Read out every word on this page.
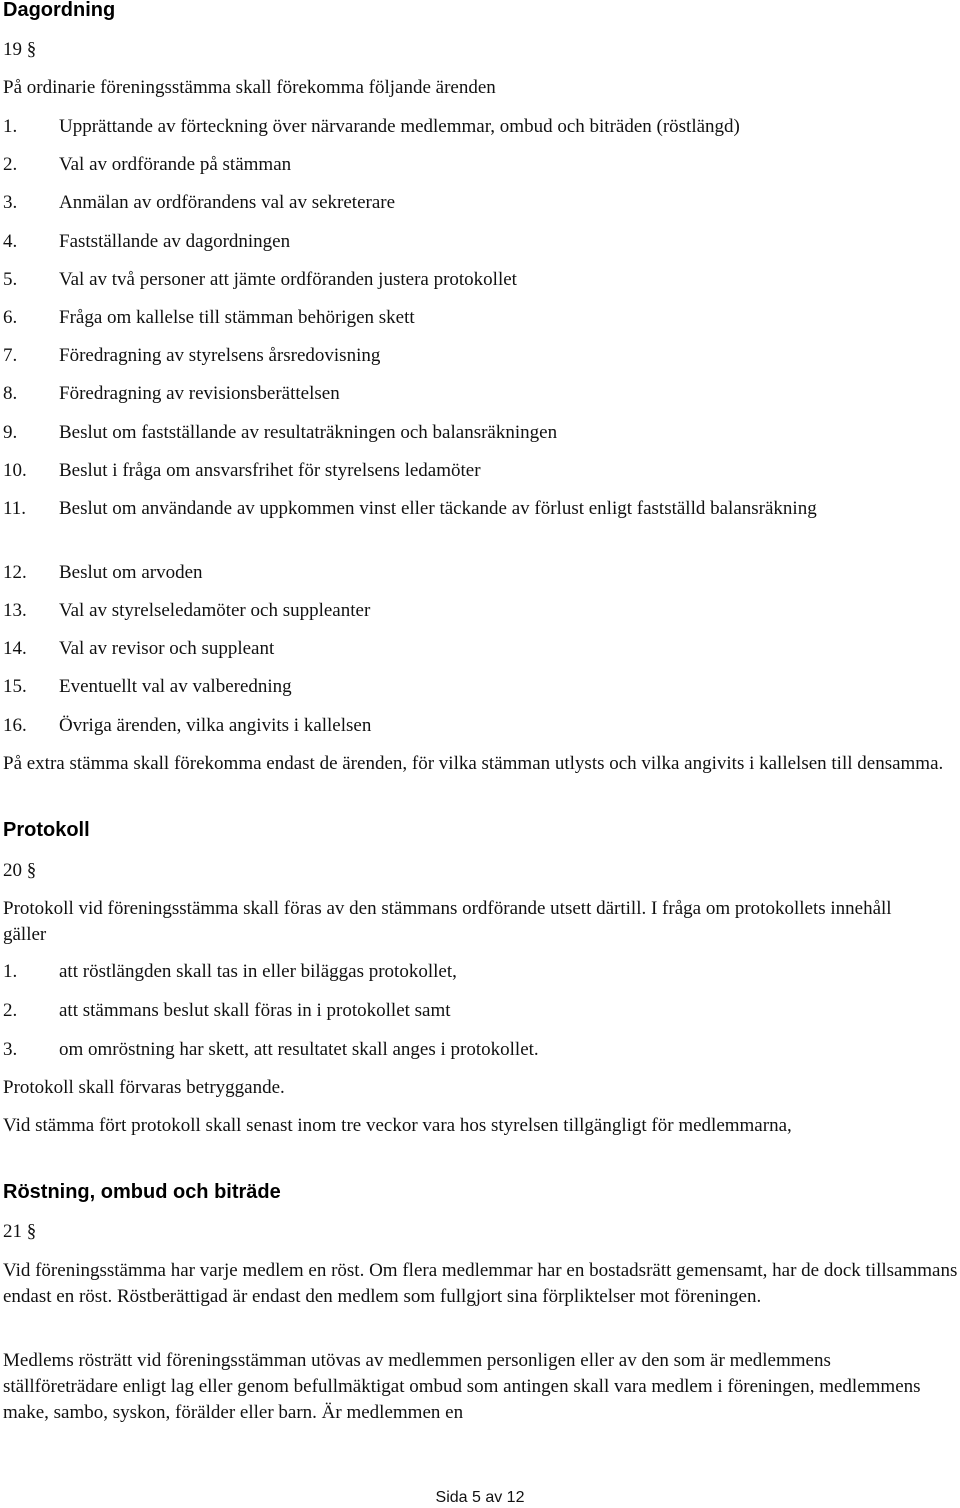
Dagordning

19 §

På ordinarie föreningsstämma skall förekomma följande ärenden

1.	Upprättande av förteckning över närvarande medlemmar, ombud och biträden (röstlängd)
2.	Val av ordförande på stämman
3.	Anmälan av ordförandens val av sekreterare
4.	Fastställande av dagordningen
5.	Val av två personer att jämte ordföranden justera protokollet
6.	Fråga om kallelse till stämman behörigen skett
7.	Föredragning av styrelsens årsredovisning
8.	Föredragning av revisionsberättelsen
9.	Beslut om fastställande av resultaträkningen och balansräkningen
10.	Beslut i fråga om ansvarsfrihet för styrelsens ledamöter
11.	Beslut om användande av uppkommen vinst eller täckande av förlust enligt fastställd balansräkning
12.	Beslut om arvoden
13.	Val av styrelseledamöter och suppleanter
14.	Val av revisor och suppleant
15.	Eventuellt val av valberedning
16.	Övriga ärenden, vilka angivits i kallelsen

På extra stämma skall förekomma endast de ärenden, för vilka stämman utlysts och vilka angivits i kallelsen till densamma.

Protokoll

20 §

Protokoll vid föreningsstämma skall föras av den stämmans ordförande utsett därtill. I fråga om protokollets innehåll gäller

1.	att röstlängden skall tas in eller biläggas protokollet,
2.	att stämmans beslut skall föras in i protokollet samt
3.	om omröstning har skett, att resultatet skall anges i protokollet.

Protokoll skall förvaras betryggande.

Vid stämma fört protokoll skall senast inom tre veckor vara hos styrelsen tillgängligt för medlemmarna,

Röstning, ombud och biträde

21 §

Vid föreningsstämma har varje medlem en röst. Om flera medlemmar har en bostadsrätt gemensamt, har de dock tillsammans endast en röst. Röstberättigad är endast den medlem som fullgjort sina förpliktelser mot föreningen.

Medlems rösträtt vid föreningsstämman utövas av medlemmen personligen eller av den som är medlemmens ställföreträdare enligt lag eller genom befullmäktigat ombud som antingen skall vara medlem i föreningen, medlemmens make, sambo, syskon, förälder eller barn. Är medlemmen en

Sida 5 av 12
